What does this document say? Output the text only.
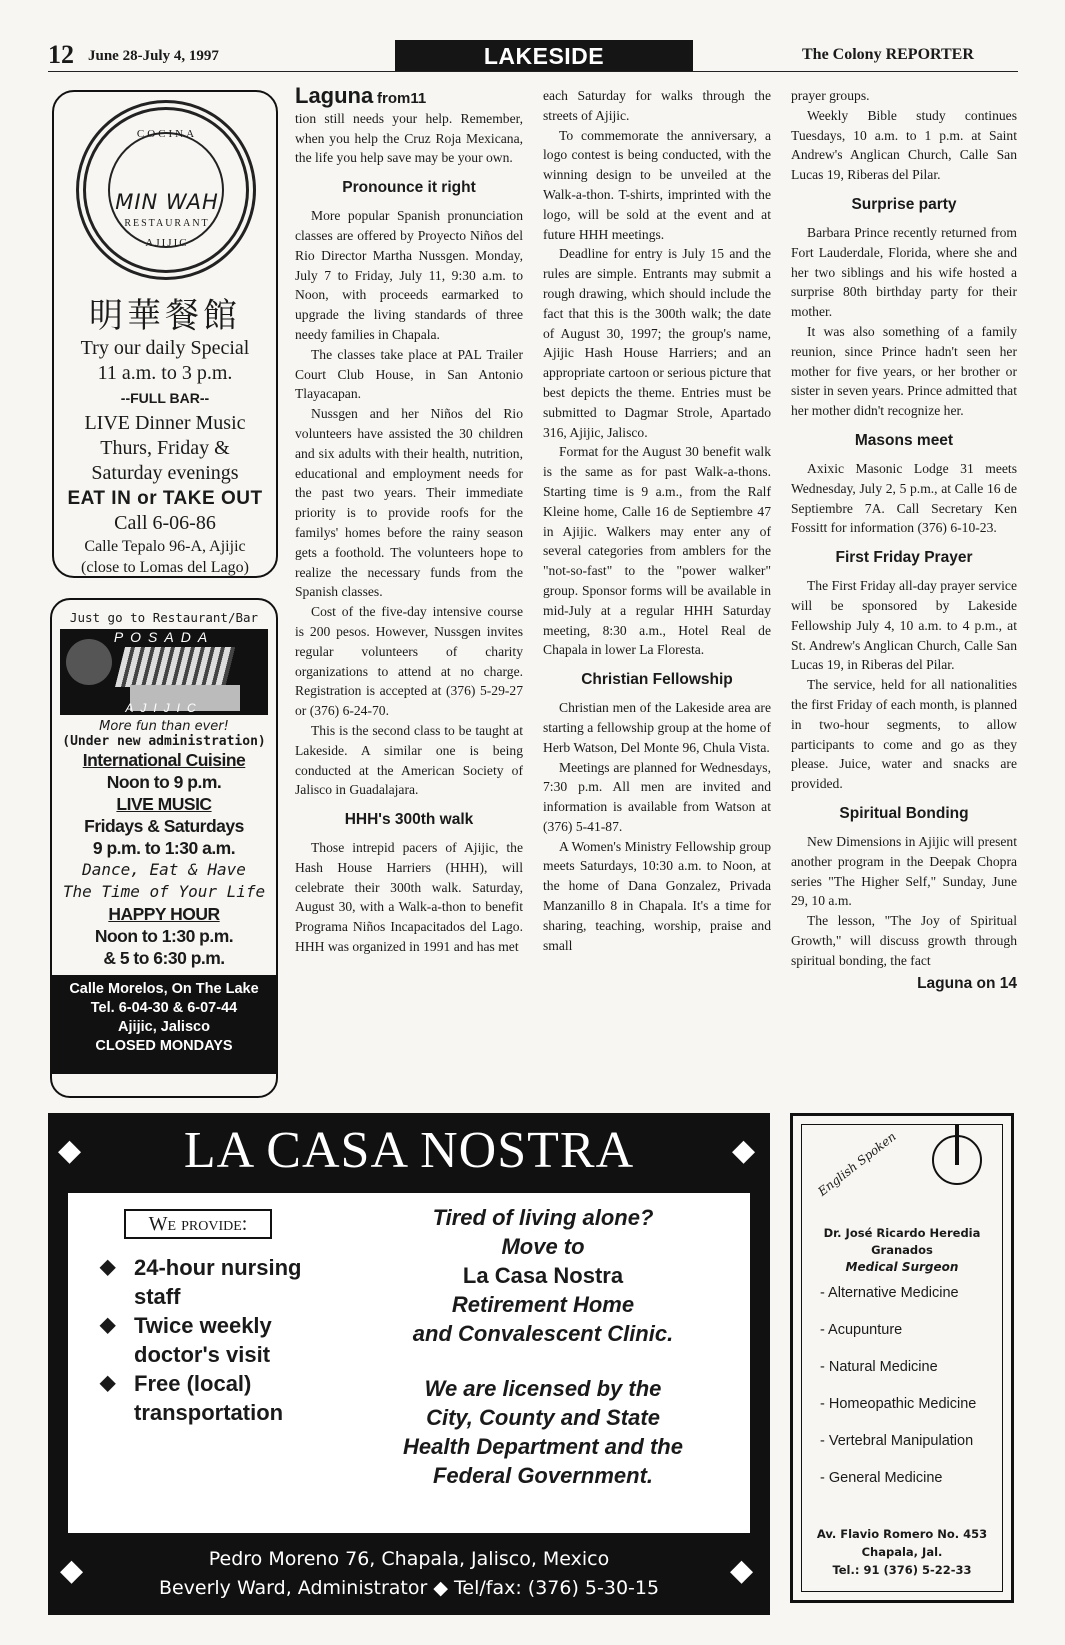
12 June 28-July 4, 1997	LAKESIDE	The Colony REPORTER
COCINA
MIN WAH
RESTAURANT
AJIJIC
明華餐館
Try our daily Special
11 a.m. to 3 p.m.
--FULL BAR--
LIVE Dinner Music
Thurs, Friday &
Saturday evenings
EAT IN or TAKE OUT
Call 6-06-86
Calle Tepalo 96-A, Ajijic
(close to Lomas del Lago)
Just go to Restaurant/Bar
POSADA
AJIJIC
More fun than ever!
(Under new administration)
International Cuisine
Noon to 9 p.m.
LIVE MUSIC
Fridays & Saturdays
9 p.m. to 1:30 a.m.
Dance, Eat & Have
The Time of Your Life
HAPPY HOUR
Noon to 1:30 p.m.
& 5 to 6:30 p.m.
Calle Morelos, On The Lake
Tel. 6-04-30 & 6-07-44
Ajijic, Jalisco
CLOSED MONDAYS
Laguna from11

tion still needs your help. Remember, when you help the Cruz Roja Mexicana, the life you help save may be your own.

Pronounce it right

More popular Spanish pronunciation classes are offered by Proyecto Niños del Rio Director Martha Nussgen. Monday, July 7 to Friday, July 11, 9:30 a.m. to Noon, with proceeds earmarked to upgrade the living standards of three needy families in Chapala.

The classes take place at PAL Trailer Court Club House, in San Antonio Tlayacapan.

Nussgen and her Niños del Rio volunteers have assisted the 30 children and six adults with their health, nutrition, educational and employment needs for the past two years. Their immediate priority is to provide roofs for the familys' homes before the rainy season gets a foothold. The volunteers hope to realize the necessary funds from the Spanish classes.

Cost of the five-day intensive course is 200 pesos. However, Nussgen invites regular volunteers of charity organizations to attend at no charge. Registration is accepted at (376) 5-29-27 or (376) 6-24-70.

This is the second class to be taught at Lakeside. A similar one is being conducted at the American Society of Jalisco in Guadalajara.

HHH's 300th walk

Those intrepid pacers of Ajijic, the Hash House Harriers (HHH), will celebrate their 300th walk. Saturday, August 30, with a Walk-a-thon to benefit Programa Niños Incapacitados del Lago. HHH was organized in 1991 and has met

each Saturday for walks through the streets of Ajijic.

To commemorate the anniversary, a logo contest is being conducted, with the winning design to be unveiled at the Walk-a-thon. T-shirts, imprinted with the logo, will be sold at the event and at future HHH meetings.

Deadline for entry is July 15 and the rules are simple. Entrants may submit a rough drawing, which should include the fact that this is the 300th walk; the date of August 30, 1997; the group's name, Ajijic Hash House Harriers; and an appropriate cartoon or serious picture that best depicts the theme. Entries must be submitted to Dagmar Strole, Apartado 316, Ajijic, Jalisco.

Format for the August 30 benefit walk is the same as for past Walk-a-thons. Starting time is 9 a.m., from the Ralf Kleine home, Calle 16 de Septiembre 47 in Ajijic. Walkers may enter any of several categories from amblers for the "not-so-fast" to the "power walker" group. Sponsor forms will be available in mid-July at a regular HHH Saturday meeting, 8:30 a.m., Hotel Real de Chapala in lower La Floresta.

Christian Fellowship

Christian men of the Lakeside area are starting a fellowship group at the home of Herb Watson, Del Monte 96, Chula Vista.

Meetings are planned for Wednesdays, 7:30 p.m. All men are invited and information is available from Watson at (376) 5-41-87.

A Women's Ministry Fellowship group meets Saturdays, 10:30 a.m. to Noon, at the home of Dana Gonzalez, Privada Manzanillo 8 in Chapala. It's a time for sharing, teaching, worship, praise and small

prayer groups.

Weekly Bible study continues Tuesdays, 10 a.m. to 1 p.m. at Saint Andrew's Anglican Church, Calle San Lucas 19, Riberas del Pilar.

Surprise party

Barbara Prince recently returned from Fort Lauderdale, Florida, where she and her two siblings and his wife hosted a surprise 80th birthday party for their mother.

It was also something of a family reunion, since Prince hadn't seen her mother for five years, or her brother or sister in seven years. Prince admitted that her mother didn't recognize her.

Masons meet

Axixic Masonic Lodge 31 meets Wednesday, July 2, 5 p.m., at Calle 16 de Septiembre 7A. Call Secretary Ken Fossitt for information (376) 6-10-23.

First Friday Prayer

The First Friday all-day prayer service will be sponsored by Lakeside Fellowship July 4, 10 a.m. to 4 p.m., at St. Andrew's Anglican Church, Calle San Lucas 19, in Riberas del Pilar.

The service, held for all nationalities the first Friday of each month, is planned in two-hour segments, to allow participants to come and go as they please. Juice, water and snacks are provided.

Spiritual Bonding

New Dimensions in Ajijic will present another program in the Deepak Chopra series "The Higher Self," Sunday, June 29, 10 a.m.

The lesson, "The Joy of Spiritual Growth," will discuss growth through spiritual bonding, the fact

Laguna on 14
◆	◆
LA CASA NOSTRA
We provide:
◆ 24-hour nursing staff
◆ Twice weekly doctor's visit
◆ Free (local) transportation
Tired of living alone?
Move to
La Casa Nostra
Retirement Home
and Convalescent Clinic.
We are licensed by the
City, County and State
Health Department and the
Federal Government.
◆	◆
Pedro Moreno 76, Chapala, Jalisco, Mexico
Beverly Ward, Administrator ◆ Tel/fax: (376) 5-30-15
English Spoken
Dr. José Ricardo Heredia Granados
Medical Surgeon
- Alternative Medicine
- Acupunture
- Natural Medicine
- Homeopathic Medicine
- Vertebral Manipulation
- General Medicine
Av. Flavio Romero No. 453
Chapala, Jal.
Tel.: 91 (376) 5-22-33
